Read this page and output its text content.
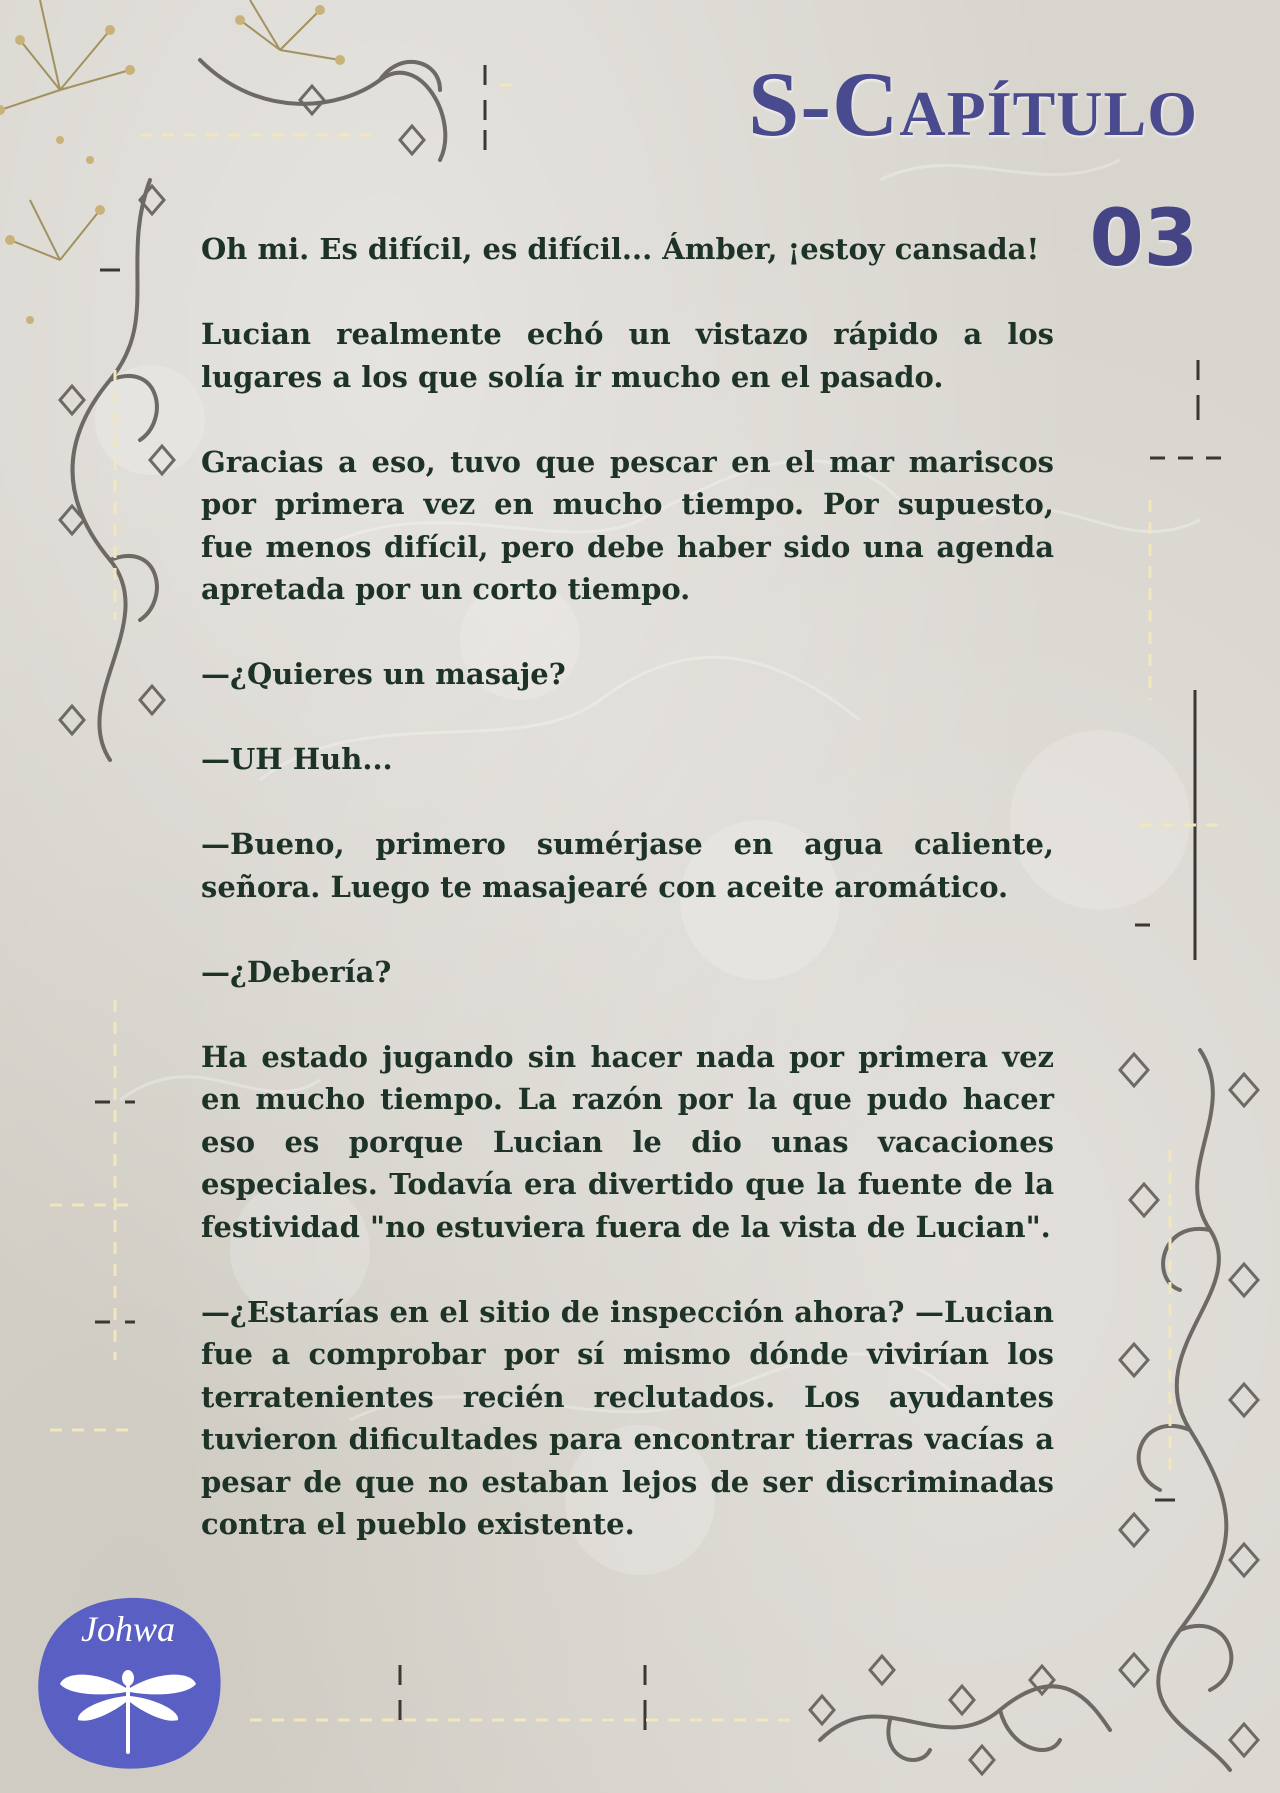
S-Capítulo
03

Oh mi. Es difícil, es difícil... Ámber, ¡estoy cansada!

Lucian realmente echó un vistazo rápido a los lugares a los que solía ir mucho en el pasado.

Gracias a eso, tuvo que pescar en el mar mariscos por primera vez en mucho tiempo. Por supuesto, fue menos difícil, pero debe haber sido una agenda apretada por un corto tiempo.

—¿Quieres un masaje?

—UH Huh...

—Bueno, primero sumérjase en agua caliente, señora. Luego te masajearé con aceite aromático.

—¿Debería?

Ha estado jugando sin hacer nada por primera vez en mucho tiempo. La razón por la que pudo hacer eso es porque Lucian le dio unas vacaciones especiales. Todavía era divertido que la fuente de la festividad "no estuviera fuera de la vista de Lucian".

—¿Estarías en el sitio de inspección ahora? —Lucian fue a comprobar por sí mismo dónde vivirían los terratenientes recién reclutados. Los ayudantes tuvieron dificultades para encontrar tierras vacías a pesar de que no estaban lejos de ser discriminadas contra el pueblo existente.

Johwa
